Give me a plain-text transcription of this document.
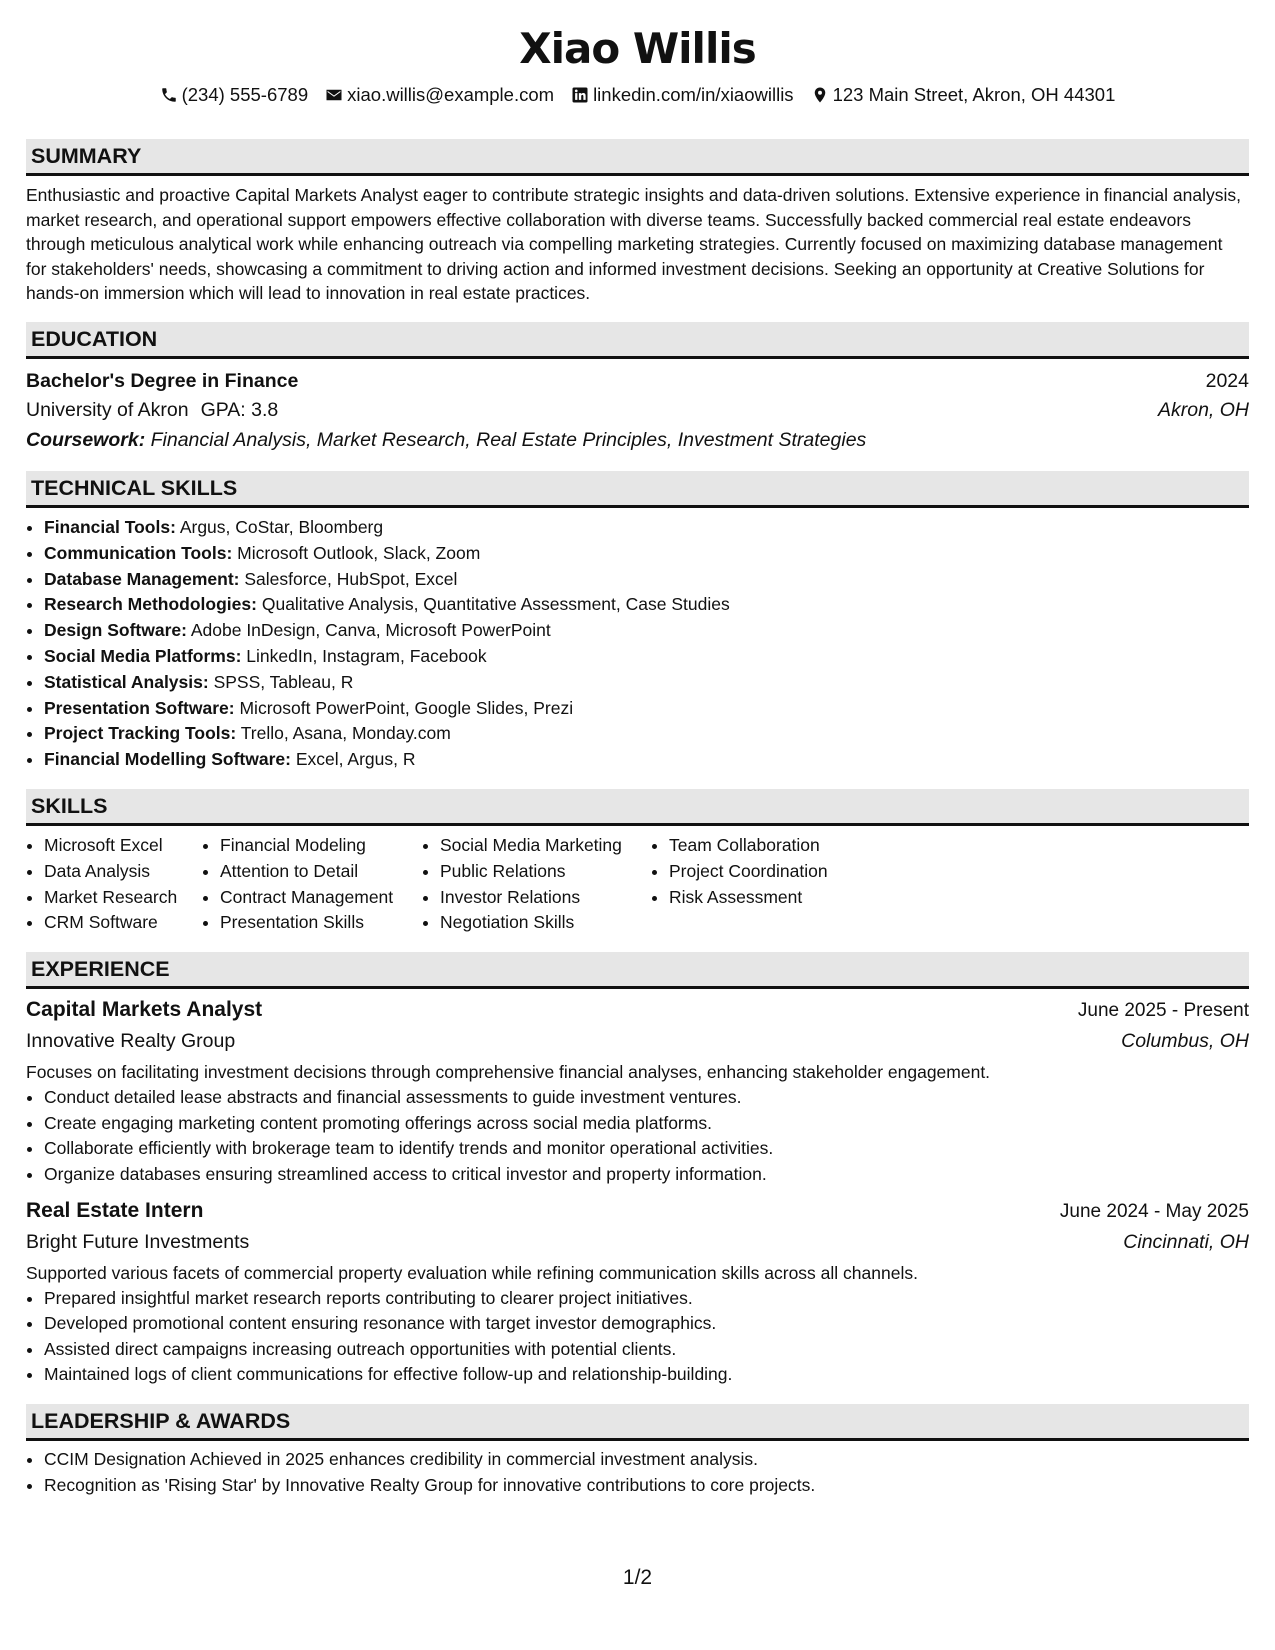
Xiao Willis
(234) 555-6789 xiao.willis@example.com linkedin.com/in/xiaowillis 123 Main Street, Akron, OH 44301
SUMMARY
Enthusiastic and proactive Capital Markets Analyst eager to contribute strategic insights and data-driven solutions. Extensive experience in financial analysis, market research, and operational support empowers effective collaboration with diverse teams. Successfully backed commercial real estate endeavors through meticulous analytical work while enhancing outreach via compelling marketing strategies. Currently focused on maximizing database management for stakeholders' needs, showcasing a commitment to driving action and informed investment decisions. Seeking an opportunity at Creative Solutions for hands-on immersion which will lead to innovation in real estate practices.
EDUCATION
Bachelor's Degree in Finance	2024
University of Akron GPA: 3.8	Akron, OH
Coursework: Financial Analysis, Market Research, Real Estate Principles, Investment Strategies
TECHNICAL SKILLS
• Financial Tools: Argus, CoStar, Bloomberg
• Communication Tools: Microsoft Outlook, Slack, Zoom
• Database Management: Salesforce, HubSpot, Excel
• Research Methodologies: Qualitative Analysis, Quantitative Assessment, Case Studies
• Design Software: Adobe InDesign, Canva, Microsoft PowerPoint
• Social Media Platforms: LinkedIn, Instagram, Facebook
• Statistical Analysis: SPSS, Tableau, R
• Presentation Software: Microsoft PowerPoint, Google Slides, Prezi
• Project Tracking Tools: Trello, Asana, Monday.com
• Financial Modelling Software: Excel, Argus, R
SKILLS
• Microsoft Excel
• Data Analysis
• Market Research
• CRM Software
• Financial Modeling
• Attention to Detail
• Contract Management
• Presentation Skills
• Social Media Marketing
• Public Relations
• Investor Relations
• Negotiation Skills
• Team Collaboration
• Project Coordination
• Risk Assessment
EXPERIENCE
Capital Markets Analyst	June 2025 - Present
Innovative Realty Group	Columbus, OH
Focuses on facilitating investment decisions through comprehensive financial analyses, enhancing stakeholder engagement.
• Conduct detailed lease abstracts and financial assessments to guide investment ventures.
• Create engaging marketing content promoting offerings across social media platforms.
• Collaborate efficiently with brokerage team to identify trends and monitor operational activities.
• Organize databases ensuring streamlined access to critical investor and property information.
Real Estate Intern	June 2024 - May 2025
Bright Future Investments	Cincinnati, OH
Supported various facets of commercial property evaluation while refining communication skills across all channels.
• Prepared insightful market research reports contributing to clearer project initiatives.
• Developed promotional content ensuring resonance with target investor demographics.
• Assisted direct campaigns increasing outreach opportunities with potential clients.
• Maintained logs of client communications for effective follow-up and relationship-building.
LEADERSHIP & AWARDS
• CCIM Designation Achieved in 2025 enhances credibility in commercial investment analysis.
• Recognition as 'Rising Star' by Innovative Realty Group for innovative contributions to core projects.
1/2
